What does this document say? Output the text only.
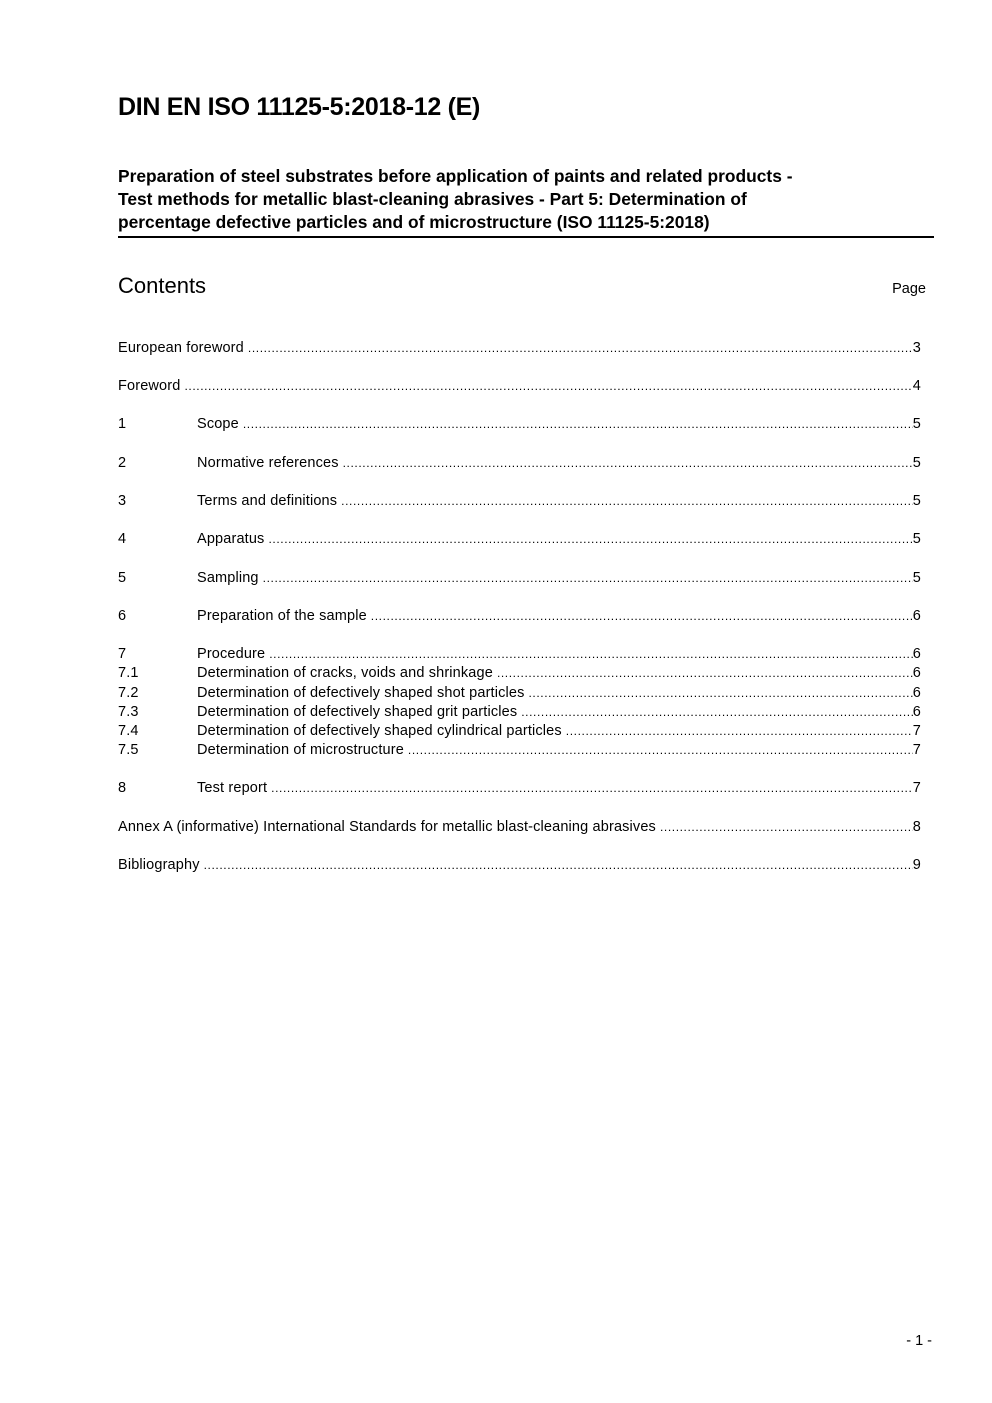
DIN EN ISO 11125-5:2018-12 (E)
Preparation of steel substrates before application of paints and related products -
Test methods for metallic blast-cleaning abrasives - Part 5: Determination of
percentage defective particles and of microstructure (ISO 11125-5:2018)
Contents	Page
European foreword .....	3
Foreword .....	4
1	Scope .....	5
2	Normative references .....	5
3	Terms and definitions .....	5
4	Apparatus .....	5
5	Sampling .....	5
6	Preparation of the sample .....	6
7	Procedure .....	6
7.1	Determination of cracks, voids and shrinkage .....	6
7.2	Determination of defectively shaped shot particles .....	6
7.3	Determination of defectively shaped grit particles .....	6
7.4	Determination of defectively shaped cylindrical particles .....	7
7.5	Determination of microstructure .....	7
8	Test report .....	7
Annex A (informative) International Standards for metallic blast-cleaning abrasives .....	8
Bibliography .....	9
- 1 -
